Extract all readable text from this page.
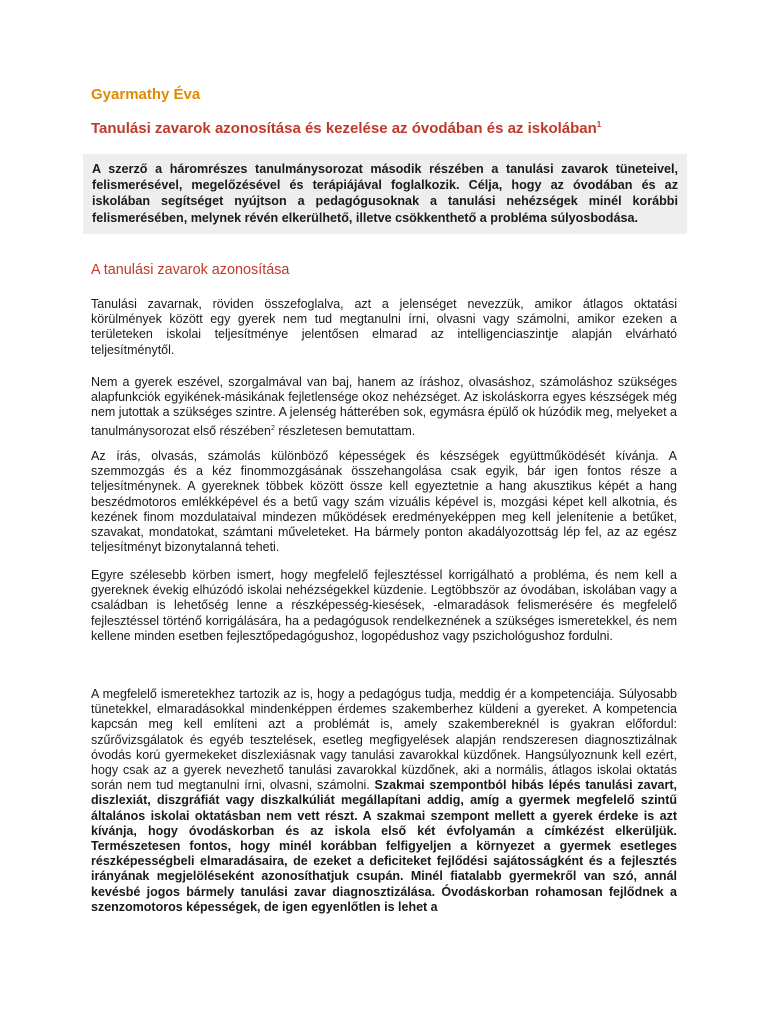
Gyarmathy Éva
Tanulási zavarok azonosítása és kezelése az óvodában és az iskolában$^1$

A szerző a háromrészes tanulmánysorozat második részében a tanulási zavarok tüneteivel, felismerésével, megelőzésével és terápiájával foglalkozik. Célja, hogy az óvodában és az iskolában segítséget nyújtson a pedagógusoknak a tanulási nehézségek minél korábbi felismerésében, melynek révén elkerülhető, illetve csökkenthető a probléma súlyosbodása.

A tanulási zavarok azonosítása

Tanulási zavarnak, röviden összefoglalva, azt a jelenséget nevezzük, amikor átlagos oktatási körülmények között egy gyerek nem tud megtanulni írni, olvasni vagy számolni, amikor ezeken a területeken iskolai teljesítménye jelentősen elmarad az intelligenciaszintje alapján elvárható teljesítménytől.

Nem a gyerek eszével, szorgalmával van baj, hanem az íráshoz, olvasáshoz, számoláshoz szükséges alapfunkciók egyikének-másikának fejletlensége okoz nehézséget. Az iskoláskorra egyes készségek még nem jutottak a szükséges szintre. A jelenség hátterében sok, egymásra épülő ok húzódik meg, melyeket a tanulmánysorozat első részében$^2$ részletesen bemutattam.

Az írás, olvasás, számolás különböző képességek és készségek együttműködését kívánja. A szemmozgás és a kéz finommozgásának összehangolása csak egyik, bár igen fontos része a teljesítménynek. A gyereknek többek között össze kell egyeztetnie a hang akusztikus képét a hang beszédmotoros emlékképével és a betű vagy szám vizuális képével is, mozgási képet kell alkotnia, és kezének finom mozdulataival mindezen működések eredményeképpen meg kell jelenítenie a betűket, szavakat, mondatokat, számtani műveleteket. Ha bármely ponton akadályozottság lép fel, az az egész teljesítményt bizonytalanná teheti.

Egyre szélesebb körben ismert, hogy megfelelő fejlesztéssel korrigálható a probléma, és nem kell a gyereknek évekig elhúzódó iskolai nehézségekkel küzdenie. Legtöbbször az óvodában, iskolában vagy a családban is lehetőség lenne a részképesség-kiesések, -elmaradások felismerésére és megfelelő fejlesztéssel történő korrigálására, ha a pedagógusok rendelkeznének a szükséges ismeretekkel, és nem kellene minden esetben fejlesztőpedagógushoz, logopédushoz vagy pszichológushoz fordulni.

A megfelelő ismeretekhez tartozik az is, hogy a pedagógus tudja, meddig ér a kompetenciája. Súlyosabb tünetekkel, elmaradásokkal mindenképpen érdemes szakemberhez küldeni a gyereket. A kompetencia kapcsán meg kell említeni azt a problémát is, amely szakembereknél is gyakran előfordul: szűrővizsgálatok és egyéb tesztelések, esetleg megfigyelések alapján rendszeresen diagnosztizálnak óvodás korú gyermekeket diszlexiásnak vagy tanulási zavarokkal küzdőnek. Hangsúlyoznunk kell ezért, hogy csak az a gyerek nevezhető tanulási zavarokkal küzdőnek, aki a normális, átlagos iskolai oktatás során nem tud megtanulni írni, olvasni, számolni. Szakmai szempontból hibás lépés tanulási zavart, diszlexiát, diszgráfiát vagy diszkalkúliát megállapítani addig, amíg a gyermek megfelelő szintű általános iskolai oktatásban nem vett részt. A szakmai szempont mellett a gyerek érdeke is azt kívánja, hogy óvodáskorban és az iskola első két évfolyamán a címkézést elkerüljük. Természetesen fontos, hogy minél korábban felfigyeljen a környezet a gyermek esetleges részképességbeli elmaradásaira, de ezeket a deficiteket fejlődési sajátosságként és a fejlesztés irányának megjelöléseként azonosíthatjuk csupán. Minél fiatalabb gyermekről van szó, annál kevésbé jogos bármely tanulási zavar diagnosztizálása. Óvodáskorban rohamosan fejlődnek a szenzomotoros képességek, de igen egyenlőtlen is lehet a
